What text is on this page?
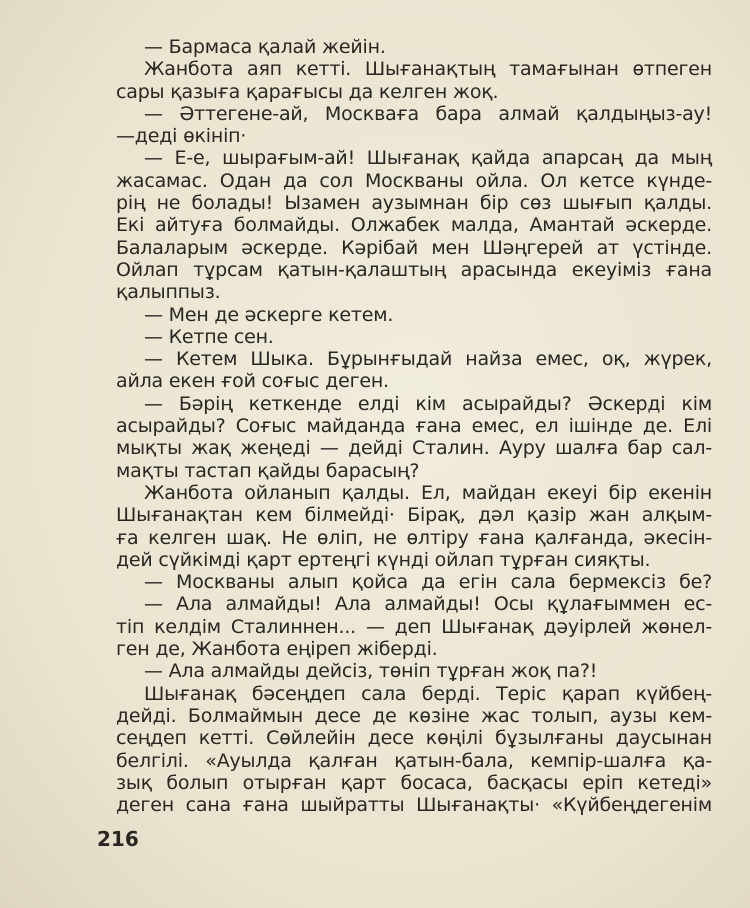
— Бармаса қалай жейін.
Жанбота аяп кетті. Шығанақтың тамағынан өтпеген
сары қазыға қарағысы да келген жоқ.
— Әттегене-ай, Москваға бара алмай қалдыңыз-ау!
—деді өкініп·
— Е-е, шырағым-ай! Шығанақ қайда апарсаң да мың
жасамас. Одан да сол Москваны ойла. Ол кетсе күндe-
рің не болады! Ызамен аузымнан бір сөз шығып қалды.
Екі айтуға болмайды. Олжабек малда, Амантай әскерде.
Балаларым әскерде. Кәрібай мен Шәңгерей ат үстінде.
Ойлап тұрсам қатын-қалаштың арасында екеуіміз ғана
қалыппыз.
— Мен де әскерге кетем.
— Кетпе сен.
— Кетем Шыка. Бұрынғыдай найза емес, оқ, жүрек,
айла екен ғой соғыс деген.
— Бәрің кеткенде елді кім асырайды? Әскерді кім
асырайды? Соғыс майданда ғана емес, ел ішінде де. Елі
мықты жақ жеңеді — дейді Сталин. Ауру шалға бар сал-
мақты тастап қайды барасың?
Жанбота ойланып қалды. Ел, майдан екеуі бір екенін
Шығанақтан кем білмейді· Бірақ, дәл қазір жан алқым-
ға келген шақ. Не өліп, не өлтіру ғана қалғанда, әкесін-
дей сүйкімді қарт ертеңгі күнді ойлап тұрған сияқты.
— Москваны алып қойса да егін сала бермексіз бе?
— Ала алмайды! Ала алмайды! Осы құлағыммен ес-
тіп келдім Сталиннен... — деп Шығанақ дәуірлей жөнел-
ген де, Жанбота еңіреп жіберді.
— Ала алмайды дейсіз, төніп тұрған жоқ па?!
Шығанақ бәсеңдеп сала берді. Теріс қарап күйбең-
дейді. Болмаймын десе де көзіне жас толып, аузы кем-
сеңдеп кетті. Сөйлейін десе көңілі бұзылғаны даусынан
белгілі. «Ауылда қалған қатын-бала, кемпір-шалға қа-
зық болып отырған қарт босаса, басқасы еріп кетеді»
деген сана ғана шыйратты Шығанақты· «Күйбеңдегенім
216
